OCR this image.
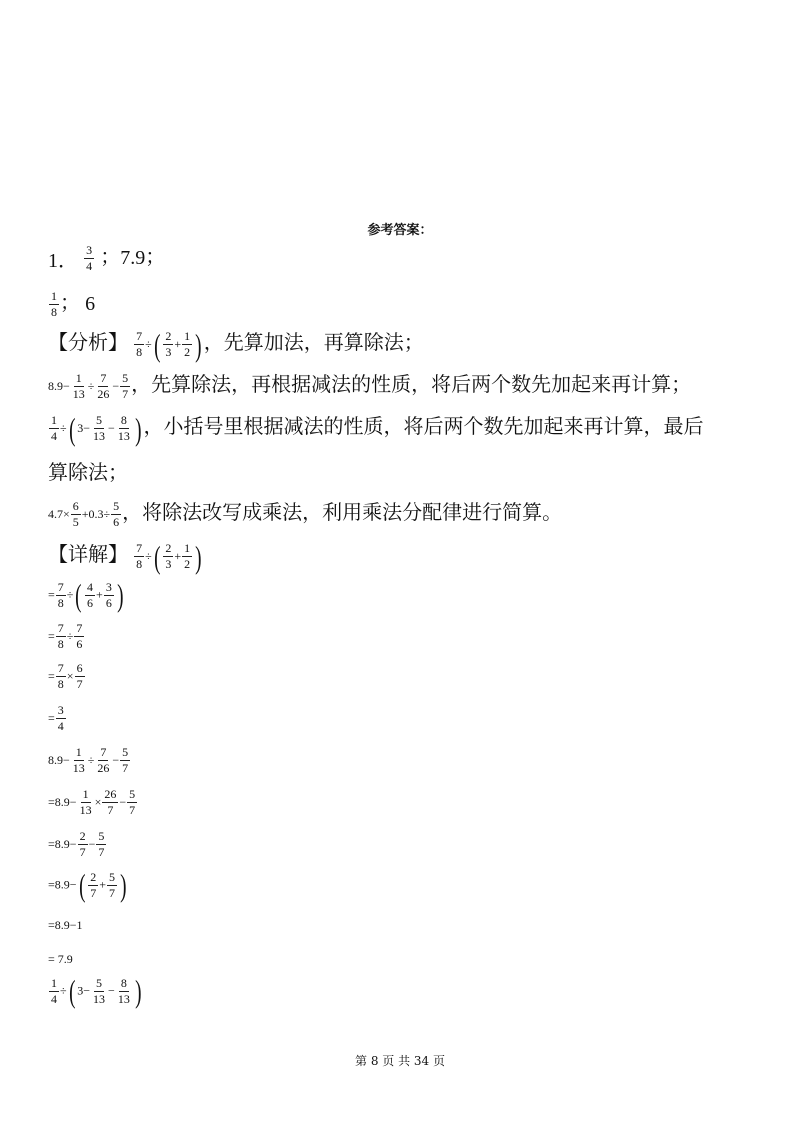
参考答案：
1． $\frac{3}{4}$ ；7.9；
$\frac{1}{8}$ ； 6
【分析】 $\frac{7}{8}$ ÷( $\frac{2}{3} + \frac{1}{2}$ ) ，先算加法，再算除法；
$8.9- \frac{1}{13} \div \frac{7}{26} - \frac{5}{7}$ ，先算除法，再根据减法的性质，将后两个数先加起来再计算；
$\frac{1}{4}$ ÷( $3- \frac{5}{13} - \frac{8}{13}$ ) ，小括号里根据减法的性质，将后两个数先加起来再计算，最后
算除法；
$4.7\times \frac{6}{5} +0.3\div \frac{5}{6}$ ，将除法改写成乘法，利用乘法分配律进行简算。
【详解】 $\frac{7}{8}$ ÷( $\frac{2}{3} + \frac{1}{2}$ )
= $\frac{7}{8}$ ÷( $\frac{4}{6} + \frac{3}{6}$ )
= $\frac{7}{8} \div \frac{7}{6}$
= $\frac{7}{8} \times \frac{6}{7}$
= $\frac{3}{4}$
$8.9- \frac{1}{13} \div \frac{7}{26} - \frac{5}{7}$
$=8.9- \frac{1}{13} \times \frac{26}{7} - \frac{5}{7}$
$=8.9- \frac{2}{7} - \frac{5}{7}$
$=8.9-( \frac{2}{7} + \frac{5}{7}$ )
=8.9−1
= 7.9
$\frac{1}{4}$ ÷( $3- \frac{5}{13} - \frac{8}{13}$ )
第 8 页 共 34 页
